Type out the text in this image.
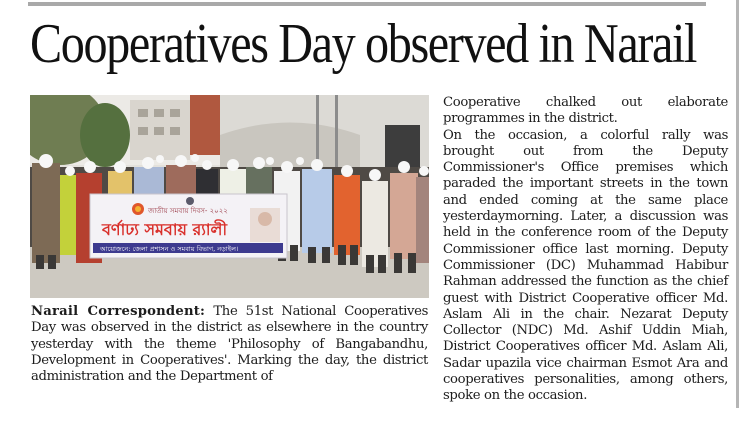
Cooperatives Day observed in Narail
জাতীয় সমবায় দিবস- ২০২২
বর্ণাঢ্য সমবায় র‍্যালী
আয়োজনে: জেলা প্রশাসন ও সমবায় বিভাগ, নড়াইল।

Narail Correspondent: The 51st National Cooperatives Day was observed in the district as elsewhere in the country yesterday with the theme 'Philosophy of Bangabandhu, Development in Cooperatives'. Marking the day, the district administration and the Department of

Cooperative chalked out elaborate programmes in the district.

On the occasion, a colorful rally was brought out from the Deputy Commissioner's Office premises which paraded the important streets in the town and ended coming at the same place yesterdaymorning. Later, a discussion was held in the conference room of the Deputy Commissioner office last morning. Deputy Commissioner (DC) Muhammad Habibur Rahman addressed the function as the chief guest with District Cooperative officer Md. Aslam Ali in the chair. Nezarat Deputy Collector (NDC) Md. Ashif Uddin Miah, District Cooperatives officer Md. Aslam Ali, Sadar upazila vice chairman Esmot Ara and cooperatives personalities, among others, spoke on the occasion.
